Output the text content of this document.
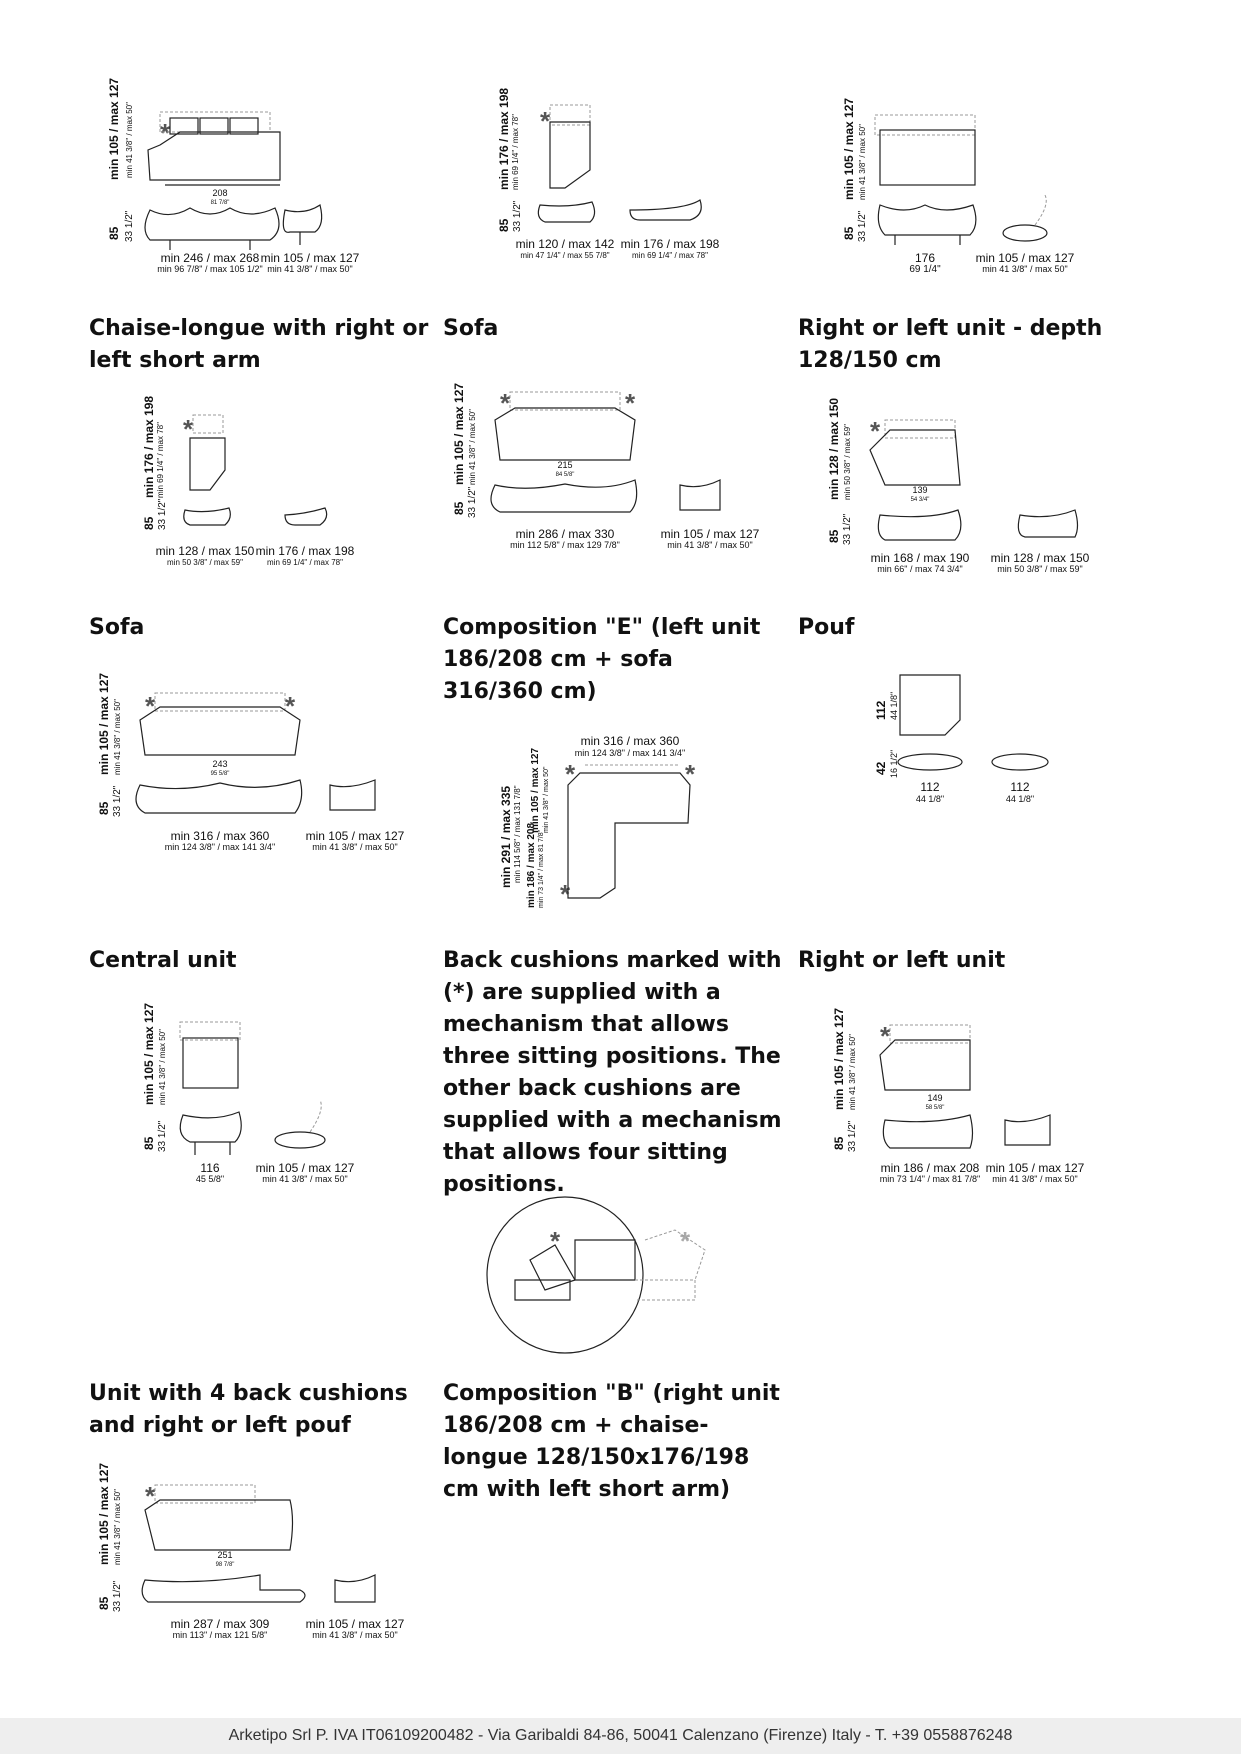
*
min 105 / max 127 min 41 3/8" / max 50"
208
81 7/8"
85 33 1/2"
min 246 / max 268
min 96 7/8" / max 105 1/2"
min 105 / max 127
min 41 3/8" / max 50"
*
min 176 / max 198 min 69 1/4" / max 78"
85 33 1/2"
min 120 / max 142
min 47 1/4" / max 55 7/8"
min 176 / max 198
min 69 1/4" / max 78"
min 105 / max 127 min 41 3/8" / max 50"
85 33 1/2"
176
69 1/4"
min 105 / max 127
min 41 3/8" / max 50"
Chaise-longue with right or left short arm
Sofa	Right or left unit - depth 128/150 cm
*
min 176 / max 198 min 69 1/4" / max 78"
85 33 1/2"
min 128 / max 150
min 50 3/8" / max 59"
min 176 / max 198
min 69 1/4" / max 78"
*	*
min 105 / max 127 min 41 3/8" / max 50"	215
84 5/8"
85 33 1/2"
min 286 / max 330
min 112 5/8" / max 129 7/8"
min 105 / max 127
min 41 3/8" / max 50"
*
min 128 / max 150 min 50 3/8" / max 59"	139
54 3/4"
85 33 1/2"
min 168 / max 190
min 66" / max 74 3/4"
min 128 / max 150
min 50 3/8" / max 59"
Sofa	Composition "E" (left unit 186/208 cm + sofa 316/360 cm)
Pouf
*	*
min 105 / max 127 min 41 3/8" / max 50"	243
95 5/8"
85 33 1/2"
min 316 / max 360
min 124 3/8" / max 141 3/4"
min 105 / max 127
min 41 3/8" / max 50"
min 316 / max 360
min 124 3/8" / max 141 3/4"
*	*
*
min 291 / max 335 min 114 5/8" / max 131 7/8" min 186 / max 208 min 73 1/4" / max 81 7/8"
min 105 / max 127 min 41 3/8" / max 50"
112 44 1/8"
42 16 1/2"
112
44 1/8"
112
44 1/8"
Central unit	Back cushions marked with (*) are supplied with a mechanism that allows three sitting positions. The other back cushions are supplied with a mechanism that allows four sitting positions.
Right or left unit
min 105 / max 127 min 41 3/8" / max 50"
85 33 1/2"
116
45 5/8"
min 105 / max 127
min 41 3/8" / max 50"
*	*
*
min 105 / max 127 min 41 3/8" / max 50"	149
58 5/8"
85 33 1/2"
min 186 / max 208
min 73 1/4" / max 81 7/8"
min 105 / max 127
min 41 3/8" / max 50"
Unit with 4 back cushions and right or left pouf
Composition "B" (right unit 186/208 cm + chaise-longue 128/150x176/198 cm with left short arm)
*
min 105 / max 127 min 41 3/8" / max 50"	251
98 7/8"
85 33 1/2"
min 287 / max 309
min 113" / max 121 5/8"
min 105 / max 127
min 41 3/8" / max 50"
Arketipo Srl P. IVA IT06109200482 - Via Garibaldi 84-86, 50041 Calenzano (Firenze) Italy - T. +39 0558876248
